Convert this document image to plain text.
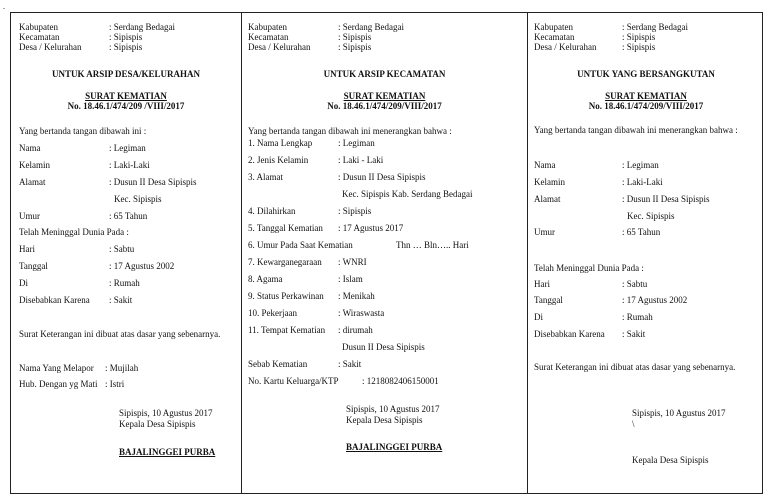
.
Kabupaten	: Serdang Bedagai
Kecamatan	: Sipispis
Desa / Kelurahan	: Sipispis
UNTUK ARSIP DESA/KELURAHAN
SURAT KEMATIAN
No. 18.46.1/474/209 /VIII/2017
Yang bertanda tangan dibawah ini :
Nama	: Legiman
Kelamin	: Laki-Laki
Alamat	: Dusun II Desa Sipispis
Kec. Sipispis
Umur	: 65 Tahun
Telah Meninggal Dunia Pada :
Hari	: Sabtu
Tanggal	: 17 Agustus 2002
Di	: Rumah
Disebabkan Karena : Sakit
Surat Keterangan ini dibuat atas dasar yang sebenarnya.
Nama Yang Melapor : Mujilah
Hub. Dengan yg Mati : Istri
Sipispis, 10 Agustus 2017
Kepala Desa Sipispis
BAJALINGGEI PURBA
Kabupaten	: Serdang Bedagai
Kecamatan	: Sipispis
Desa / Kelurahan	: Sipispis
UNTUK ARSIP KECAMATAN
SURAT KEMATIAN
No. 18.46.1/474/209/VIII/2017
Yang bertanda tangan dibawah ini menerangkan bahwa :
1. Nama Lengkap	: Legiman
2. Jenis Kelamin	: Laki - Laki
3. Alamat	: Dusun II Desa Sipispis
Kec. Sipispis Kab. Serdang Bedagai
4. Dilahirkan	: Sipispis
5. Tanggal Kematian : 17 Agustus 2017
6. Umur Pada Saat Kematian	Thn … Bln….. Hari
7. Kewarganegaraan : WNRI
8. Agama	: Islam
9. Status Perkawinan : Menikah
10. Pekerjaan	: Wiraswasta
11. Tempat Kematian : dirumah
Dusun II Desa Sipispis
Sebab Kematian	: Sakit
No. Kartu Keluarga/KTP	: 1218082406150001
Sipispis, 10 Agustus 2017
Kepala Desa Sipispis
BAJALINGGEI PURBA
Kabupaten	: Serdang Bedagai
Kecamatan	: Sipispis
Desa / Kelurahan	: Sipispis
UNTUK YANG BERSANGKUTAN
SURAT KEMATIAN
No. 18.46.1/474/209/VIII/2017
Yang bertanda tangan dibawah ini menerangkan bahwa :
Nama	: Legiman
Kelamin	: Laki-Laki
Alamat	: Dusun II Desa Sipispis
Kec. Sipispis
Umur	: 65 Tahun
Telah Meninggal Dunia Pada :
Hari	: Sabtu
Tanggal	: 17 Agustus 2002
Di	: Rumah
Disebabkan Karena : Sakit
Surat Keterangan ini dibuat atas dasar yang sebenarnya.
Sipispis, 10 Agustus 2017
\
Kepala Desa Sipispis
